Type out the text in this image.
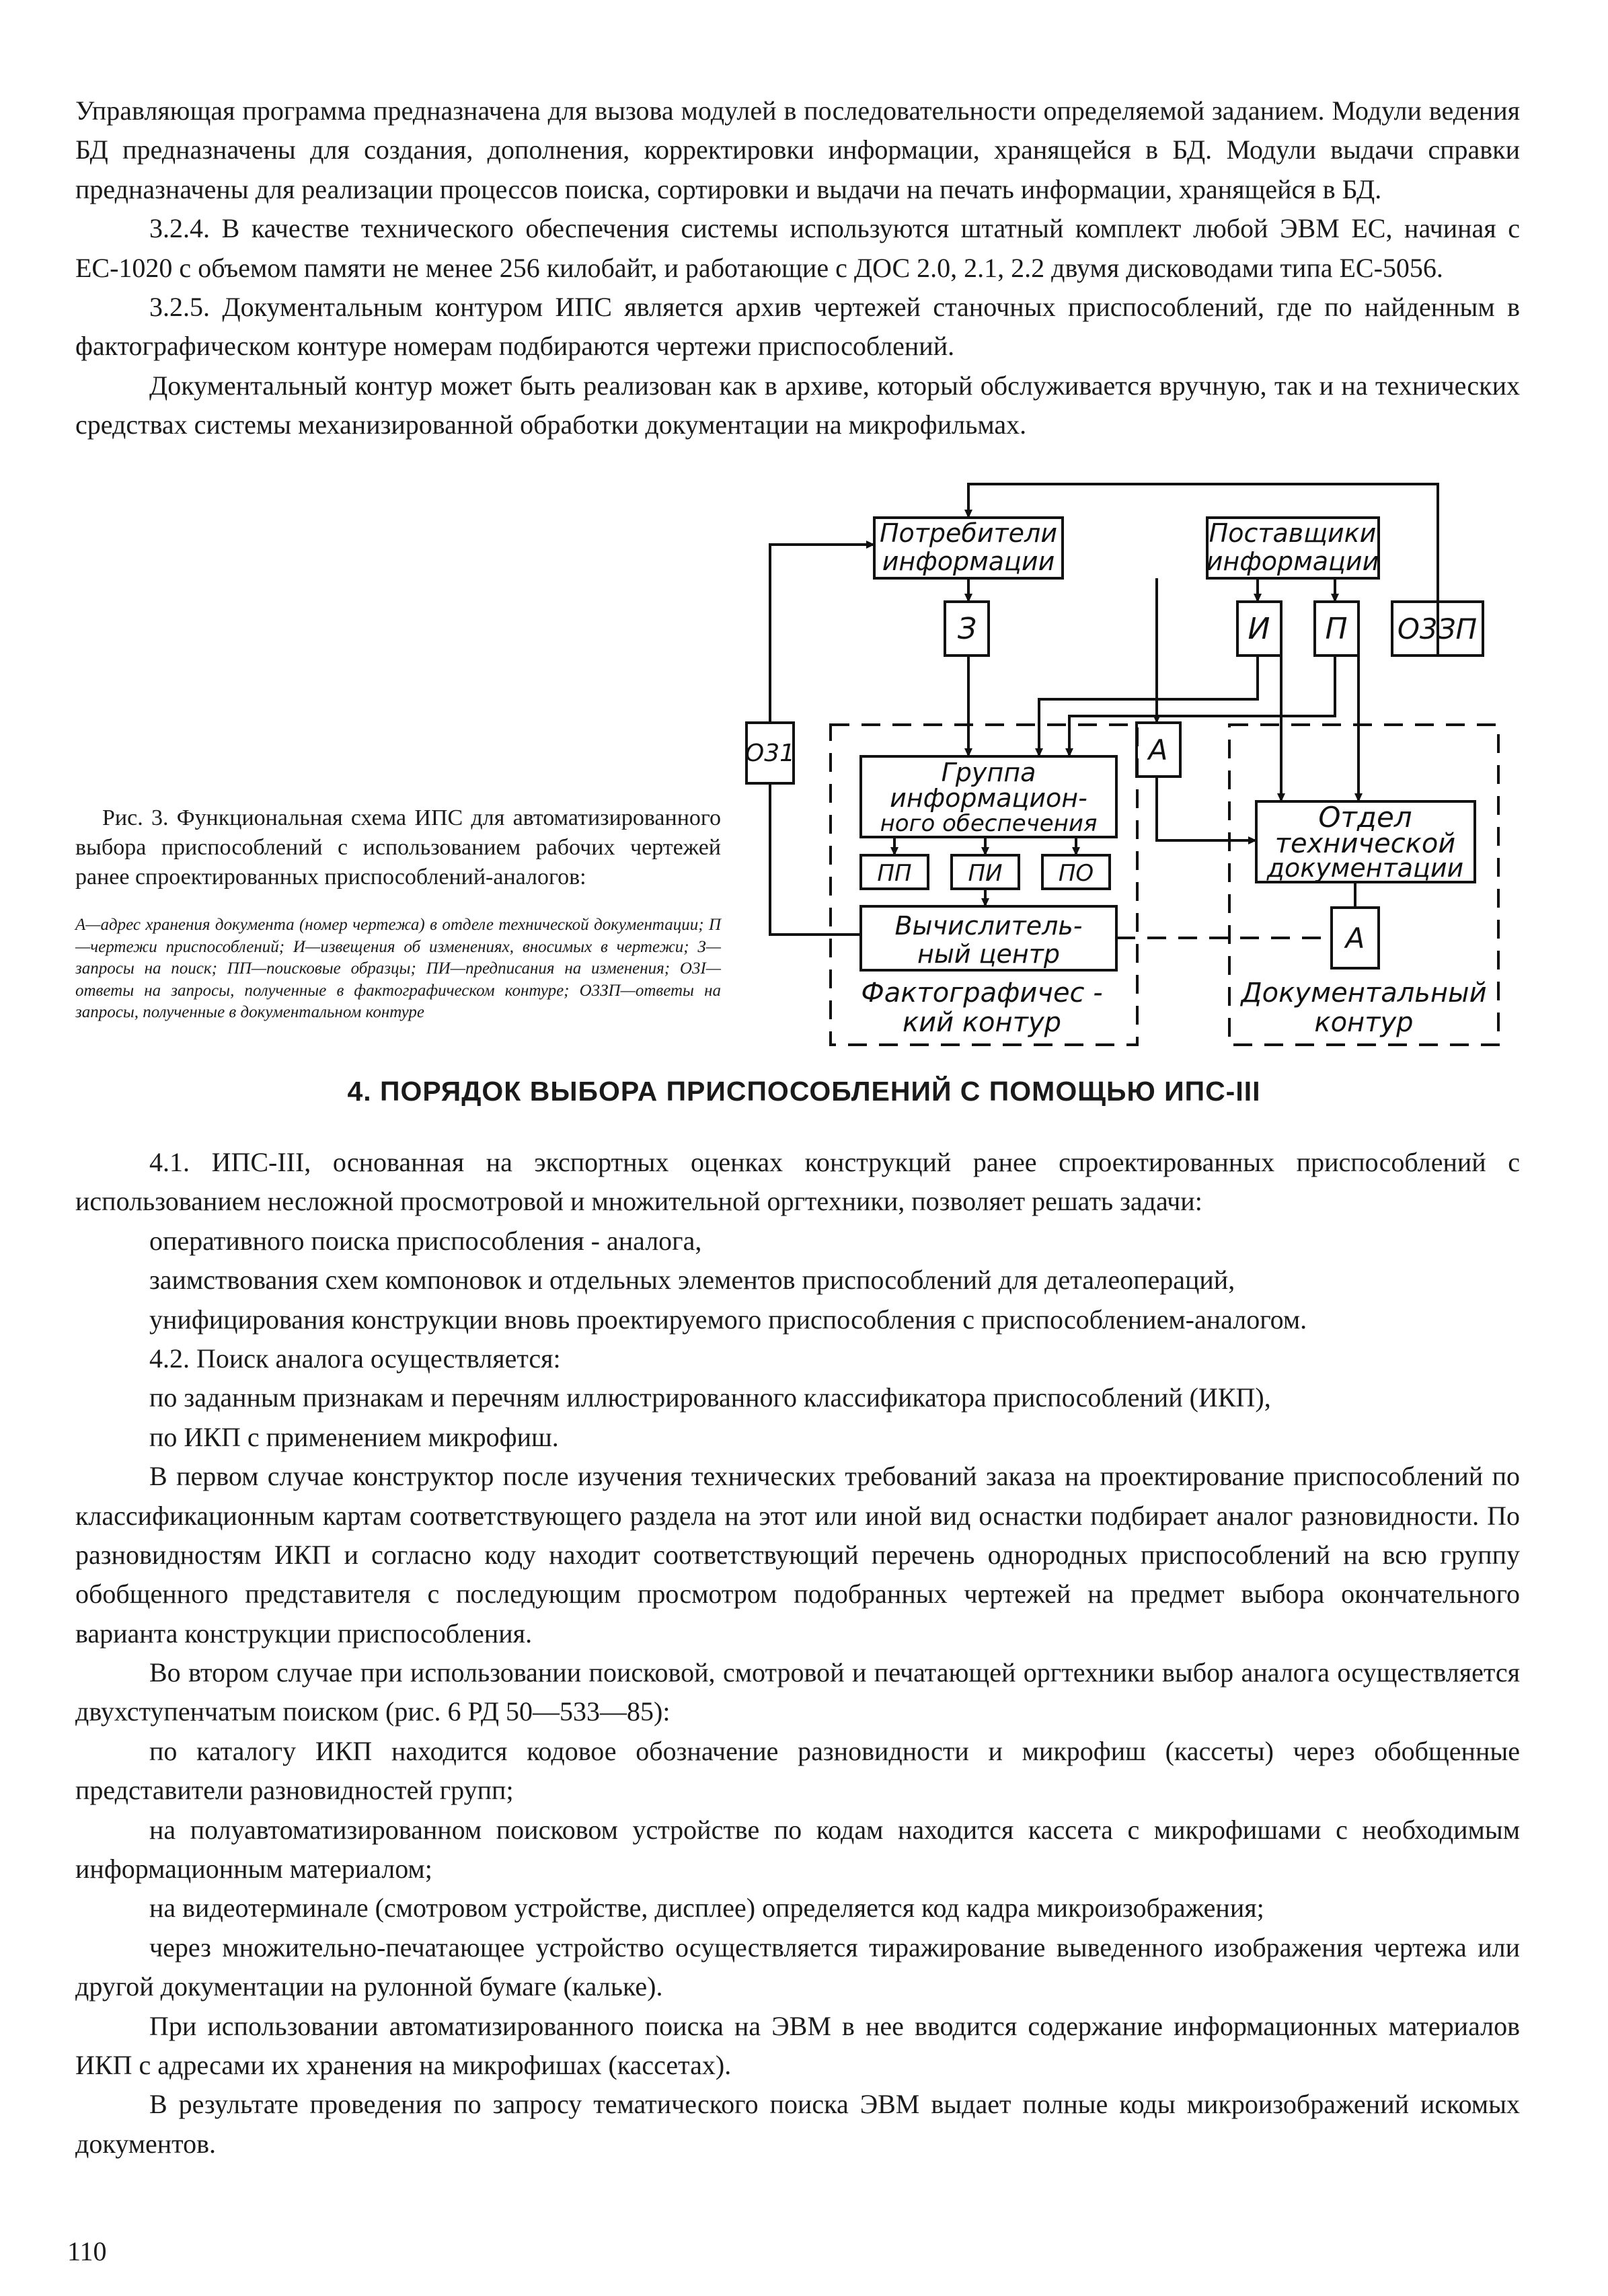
Управляющая программа предназначена для вызова модулей в последовательности определяемой заданием. Модули ведения БД предназначены для создания, дополнения, корректировки информации, хранящейся в БД. Модули выдачи справки предназначены для реализации процессов поиска, сортировки и выдачи на печать информации, хранящейся в БД.

3.2.4. В качестве технического обеспечения системы используются штатный комплект любой ЭВМ ЕС, начиная с ЕС-1020 с объемом памяти не менее 256 килобайт, и работающие с ДОС 2.0, 2.1, 2.2 двумя дисководами типа ЕС-5056.

3.2.5. Документальным контуром ИПС является архив чертежей станочных приспособлений, где по найденным в фактографическом контуре номерам подбираются чертежи приспособлений.

Документальный контур может быть реализован как в архиве, который обслуживается вручную, так и на технических средствах системы механизированной обработки документации на микрофильмах.

Рис. 3. Функциональная схема ИПС для автоматизированного выбора приспособлений с использованием рабочих чертежей ранее спроектированных приспособлений-аналогов:

А—адрес хранения документа (номер чертежа) в отделе технической документации; П—чертежи приспособлений; И—извещения об изменениях, вносимых в чертежи; З—запросы на поиск; ПП—поисковые образцы; ПИ—предписания на изменения; О3І—ответы на запросы, полученные в фактографическом контуре; О3ЗП—ответы на запросы, полученные в документальном контуре
Потребители
информации
Поставщики
информации
З	И П О3ЗП
О31	А
Группа
информацион-
ного обеспечения
ПП ПИ ПО
Вычислитель-
ный центр
Отдел
технической
документации
А
Фактографичес -
кий контур
Документальный
контур
4. ПОРЯДОК ВЫБОРА ПРИСПОСОБЛЕНИЙ С ПОМОЩЬЮ ИПС-III

4.1. ИПС-III, основанная на экспортных оценках конструкций ранее спроектированных приспособлений с использованием несложной просмотровой и множительной оргтехники, позволяет решать задачи:

оперативного поиска приспособления - аналога,

заимствования схем компоновок и отдельных элементов приспособлений для деталеопераций,

унифицирования конструкции вновь проектируемого приспособления с приспособлением-аналогом.

4.2. Поиск аналога осуществляется:

по заданным признакам и перечням иллюстрированного классификатора приспособлений (ИКП),

по ИКП с применением микрофиш.

В первом случае конструктор после изучения технических требований заказа на проектирование приспособлений по классификационным картам соответствующего раздела на этот или иной вид оснастки подбирает аналог разновидности. По разновидностям ИКП и согласно коду находит соответствующий перечень однородных приспособлений на всю группу обобщенного представителя с последующим просмотром подобранных чертежей на предмет выбора окончательного варианта конструкции приспособления.

Во втором случае при использовании поисковой, смотровой и печатающей оргтехники выбор аналога осуществляется двухступенчатым поиском (рис. 6 РД 50—533—85):

по каталогу ИКП находится кодовое обозначение разновидности и микрофиш (кассеты) через обобщенные представители разновидностей групп;

на полуавтоматизированном поисковом устройстве по кодам находится кассета с микрофишами с необходимым информационным материалом;

на видеотерминале (смотровом устройстве, дисплее) определяется код кадра микроизображения;

через множительно-печатающее устройство осуществляется тиражирование выведенного изображения чертежа или другой документации на рулонной бумаге (кальке).

При использовании автоматизированного поиска на ЭВМ в нее вводится содержание информационных материалов ИКП с адресами их хранения на микрофишах (кассетах).

В результате проведения по запросу тематического поиска ЭВМ выдает полные коды микроизображений искомых документов.

110
